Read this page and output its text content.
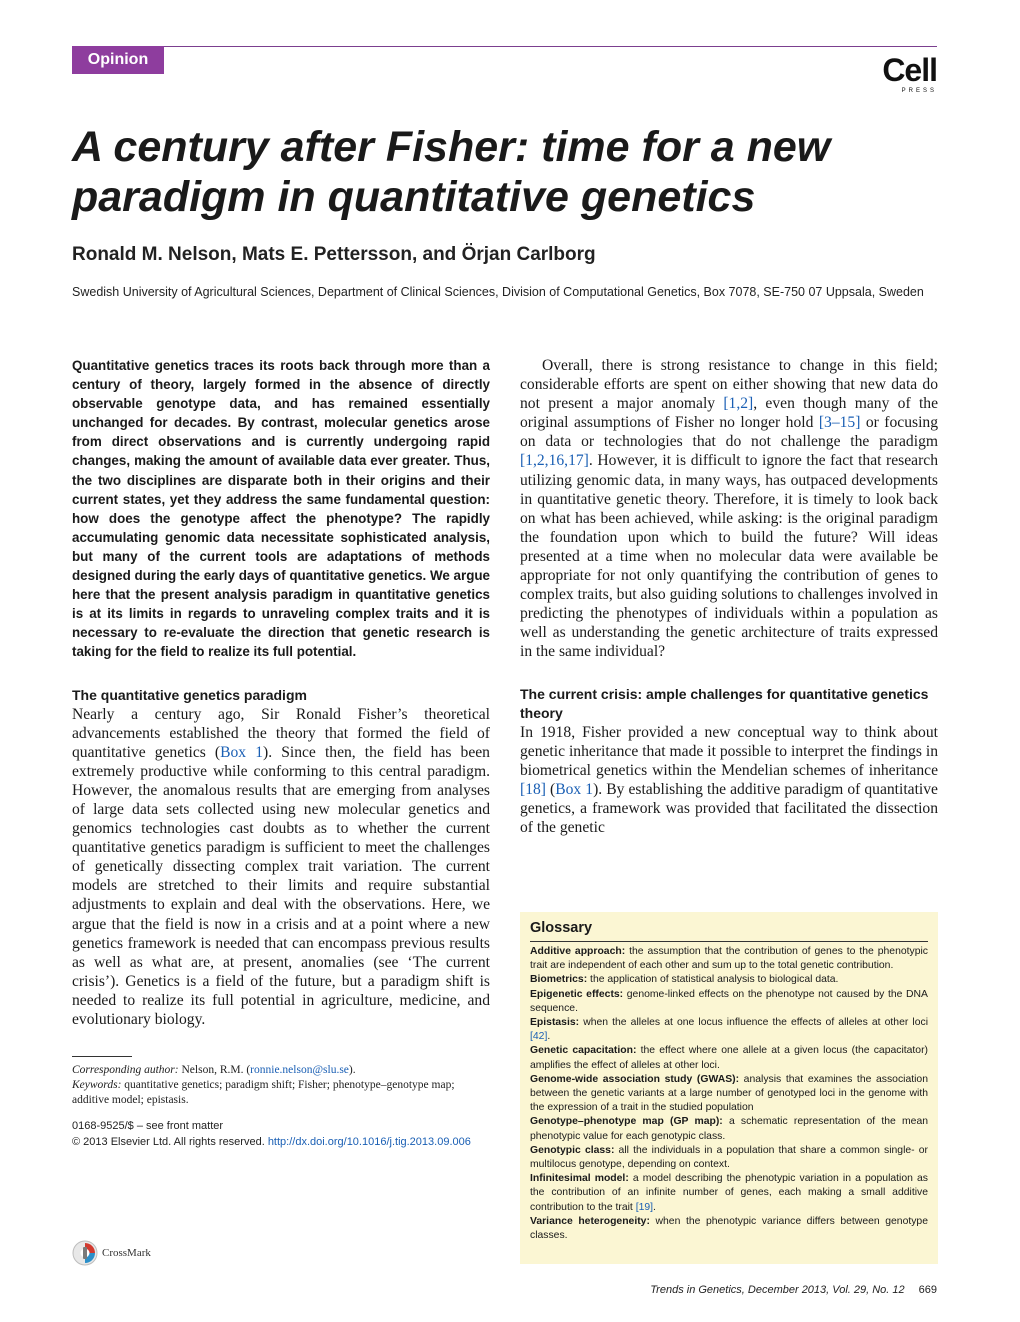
Opinion	Cell
PRESS
A century after Fisher: time for a new paradigm in quantitative genetics
Ronald M. Nelson, Mats E. Pettersson, and Örjan Carlborg
Swedish University of Agricultural Sciences, Department of Clinical Sciences, Division of Computational Genetics, Box 7078, SE-750 07 Uppsala, Sweden

Quantitative genetics traces its roots back through more than a century of theory, largely formed in the absence of directly observable genotype data, and has remained essentially unchanged for decades. By contrast, molecular genetics arose from direct observations and is currently undergoing rapid changes, making the amount of available data ever greater. Thus, the two disciplines are disparate both in their origins and their current states, yet they address the same fundamental question: how does the genotype affect the phenotype? The rapidly accumulating genomic data necessitate sophisticated analysis, but many of the current tools are adaptations of methods designed during the early days of quantitative genetics. We argue here that the present analysis paradigm in quantitative genetics is at its limits in regards to unraveling complex traits and it is necessary to re-evaluate the direction that genetic research is taking for the field to realize its full potential.

The quantitative genetics paradigm

Nearly a century ago, Sir Ronald Fisher’s theoretical advancements established the theory that formed the field of quantitative genetics (Box 1). Since then, the field has been extremely productive while conforming to this central paradigm. However, the anomalous results that are emerging from analyses of large data sets collected using new molecular genetics and genomics technologies cast doubts as to whether the current quantitative genetics paradigm is sufficient to meet the challenges of genetically dissecting complex trait variation. The current models are stretched to their limits and require substantial adjustments to explain and deal with the observations. Here, we argue that the field is now in a crisis and at a point where a new genetics framework is needed that can encompass previous results as well as what are, at present, anomalies (see ‘The current crisis’). Genetics is a field of the future, but a paradigm shift is needed to realize its full potential in agriculture, medicine, and evolutionary biology.

Corresponding author: Nelson, R.M. (ronnie.nelson@slu.se).

Keywords: quantitative genetics; paradigm shift; Fisher; phenotype–genotype map; additive model; epistasis.

0168-9525/$ – see front matter

© 2013 Elsevier Ltd. All rights reserved. http://dx.doi.org/10.1016/j.tig.2013.09.006

CrossMark

Overall, there is strong resistance to change in this field; considerable efforts are spent on either showing that new data do not present a major anomaly [1,2], even though many of the original assumptions of Fisher no longer hold [3–15] or focusing on data or technologies that do not challenge the paradigm [1,2,16,17]. However, it is difficult to ignore the fact that research utilizing genomic data, in many ways, has outpaced developments in quantitative genetic theory. Therefore, it is timely to look back on what has been achieved, while asking: is the original paradigm the foundation upon which to build the future? Will ideas presented at a time when no molecular data were available be appropriate for not only quantifying the contribution of genes to complex traits, but also guiding solutions to challenges involved in predicting the phenotypes of individuals within a population as well as understanding the genetic architecture of traits expressed in the same individual?

The current crisis: ample challenges for quantitative genetics theory

In 1918, Fisher provided a new conceptual way to think about genetic inheritance that made it possible to interpret the findings in biometrical genetics within the Mendelian schemes of inheritance [18] (Box 1). By establishing the additive paradigm of quantitative genetics, a framework was provided that facilitated the dissection of the genetic

Glossary

Additive approach: the assumption that the contribution of genes to the phenotypic trait are independent of each other and sum up to the total genetic contribution.

Biometrics: the application of statistical analysis to biological data.

Epigenetic effects: genome-linked effects on the phenotype not caused by the DNA sequence.

Epistasis: when the alleles at one locus influence the effects of alleles at other loci [42].

Genetic capacitation: the effect where one allele at a given locus (the capacitator) amplifies the effect of alleles at other loci.

Genome-wide association study (GWAS): analysis that examines the association between the genetic variants at a large number of genotyped loci in the genome with the expression of a trait in the studied population

Genotype–phenotype map (GP map): a schematic representation of the mean phenotypic value for each genotypic class.

Genotypic class: all the individuals in a population that share a common single- or multilocus genotype, depending on context.

Infinitesimal model: a model describing the phenotypic variation in a population as the contribution of an infinite number of genes, each making a small additive contribution to the trait [19].

Variance heterogeneity: when the phenotypic variance differs between genotype classes.

Trends in Genetics, December 2013, Vol. 29, No. 12 669
